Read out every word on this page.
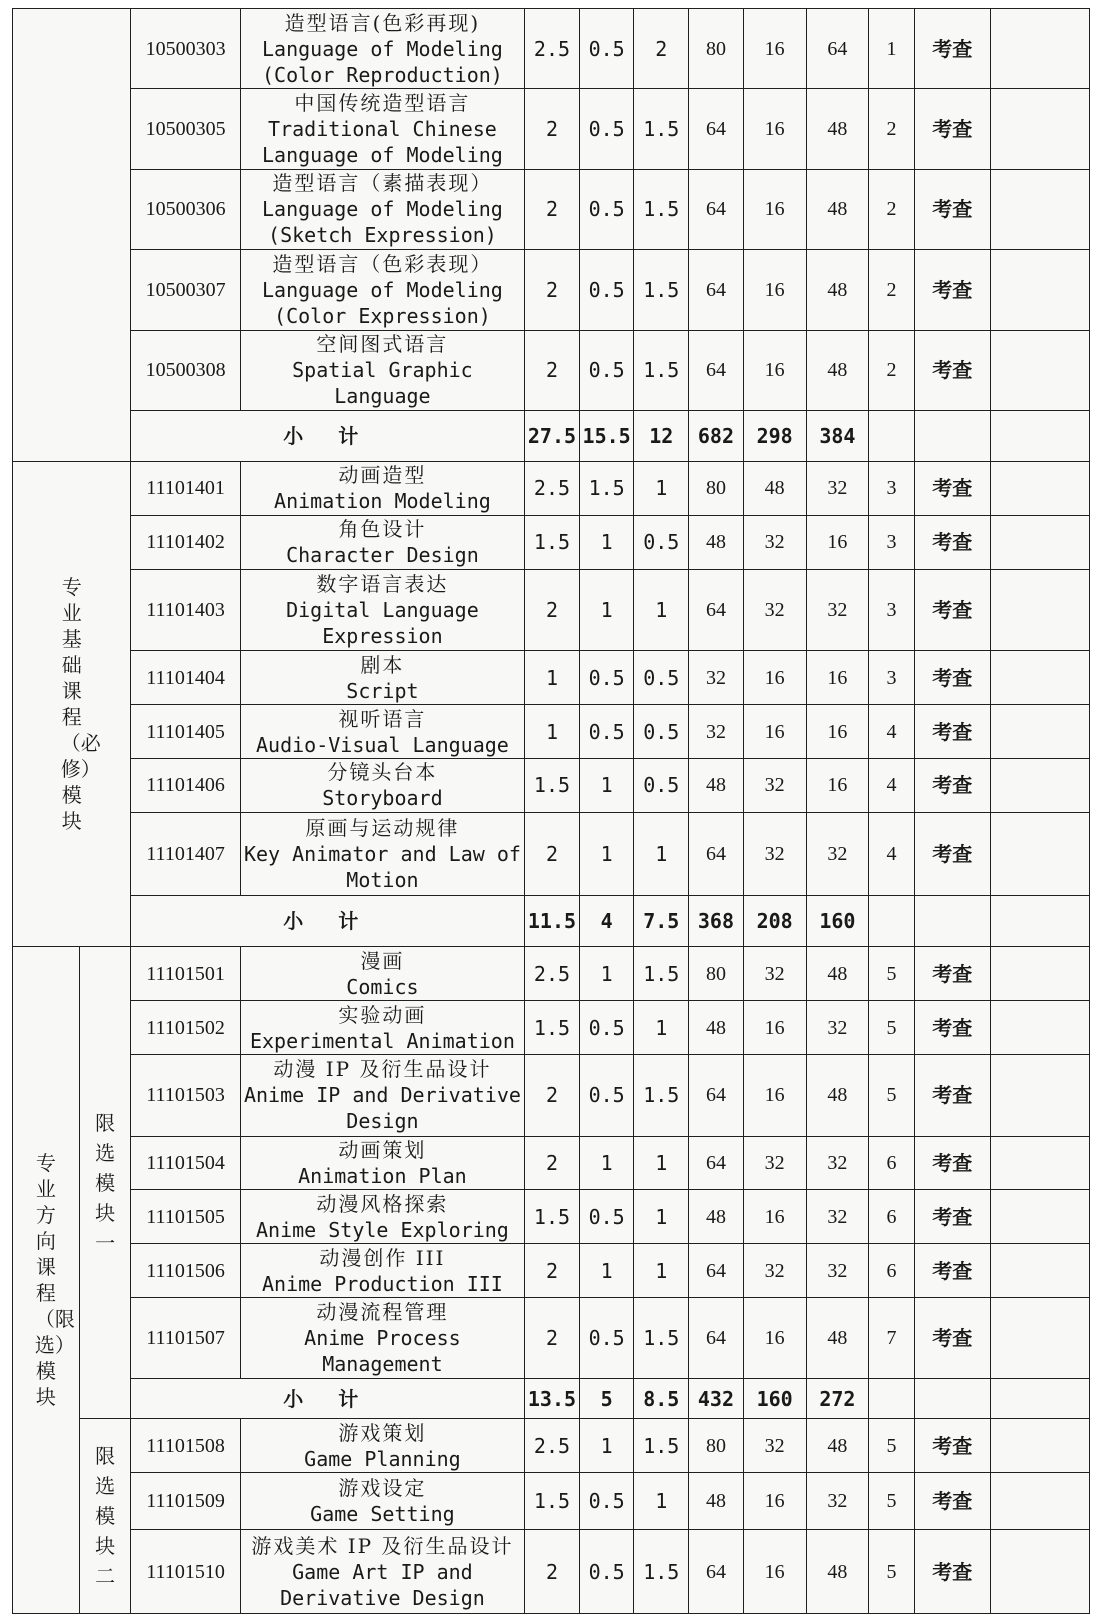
		10500303	造型语言(色彩再现)
Language of Modeling
(Color Reproduction)	2.5	0.5	2	80	16	64	1	考查	
		10500305	中国传统造型语言
Traditional Chinese
Language of Modeling	2	0.5	1.5	64	16	48	2	考查	
		10500306	造型语言（素描表现）
Language of Modeling
(Sketch Expression)	2	0.5	1.5	64	16	48	2	考查	
		10500307	造型语言（色彩表现）
Language of Modeling
(Color Expression)	2	0.5	1.5	64	16	48	2	考查	
		10500308	空间图式语言
Spatial Graphic Language	2	0.5	1.5	64	16	48	2	考查	
		小 计		27.5	15.5	12	682	298	384			
专业基础课程（必修）模块		11101401	动画造型
Animation Modeling	2.5	1.5	1	80	48	32	3	考查	
		11101402	角色设计
Character Design	1.5	1	0.5	48	32	16	3	考查	
		11101403	数字语言表达
Digital Language
Expression	2	1	1	64	32	32	3	考查	
		11101404	剧本
Script	1	0.5	0.5	32	16	16	3	考查	
		11101405	视听语言
Audio-Visual Language	1	0.5	0.5	32	16	16	4	考查	
		11101406	分镜头台本
Storyboard	1.5	1	0.5	48	32	16	4	考查	
		11101407	原画与运动规律
Key Animator and Law of
Motion	2	1	1	64	32	32	4	考查	
		小 计		11.5	4	7.5	368	208	160			
专业方向课程（限选）模块	限选模块一	11101501	漫画
Comics	2.5	1	1.5	80	32	48	5	考查	
		11101502	实验动画
Experimental Animation	1.5	0.5	1	48	16	32	5	考查	
		11101503	动漫 IP 及衍生品设计
Anime IP and Derivative
Design	2	0.5	1.5	64	16	48	5	考查	
		11101504	动画策划
Animation Plan	2	1	1	64	32	32	6	考查	
		11101505	动漫风格探索
Anime Style Exploring	1.5	0.5	1	48	16	32	6	考查	
		11101506	动漫创作 III
Anime Production III	2	1	1	64	32	32	6	考查	
		11101507	动漫流程管理
Anime Process Management	2	0.5	1.5	64	16	48	7	考查	
		小 计		13.5	5	8.5	432	160	272			
	限选模块二	11101508	游戏策划
Game Planning	2.5	1	1.5	80	32	48	5	考查	
		11101509	游戏设定
Game Setting	1.5	0.5	1	48	16	32	5	考查	
		11101510	游戏美术 IP 及衍生品设计
Game Art IP and
Derivative Design	2	0.5	1.5	64	16	48	5	考查	
